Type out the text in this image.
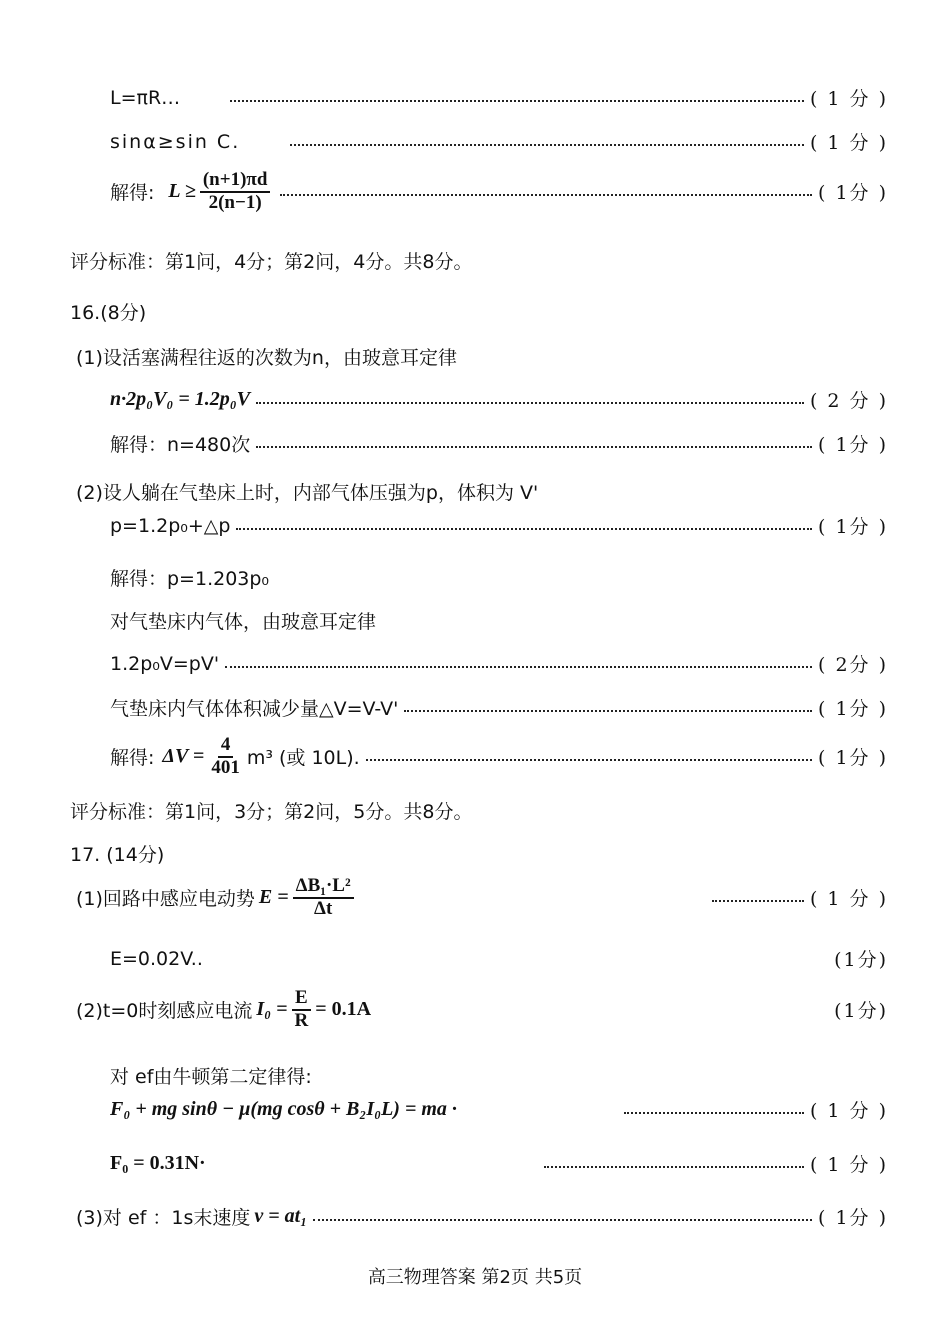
L=πR…	( 1 分 )
sinα≥sin C.	( 1 分 )
解得: $L \ge \frac{(n+1)\pi d}{2(n-1)}$	( 1分 )
评分标准：第1问，4分；第2问，4分。共8分。
16.(8分)
(1)设活塞满程往返的次数为n，由玻意耳定律
n·2p₀V₀ = 1.2p₀V	( 2 分 )
解得：n=480次	( 1分 )
(2)设人躺在气垫床上时，内部气体压强为p，体积为 V'
p=1.2p₀+△p	( 1分 )
解得：p=1.203p₀
对气垫床内气体，由玻意耳定律
1.2p₀V=pV'	( 2分 )
气垫床内气体体积减少量△V=V-V'	( 1分 )
解得: $\Delta V = \frac{4}{401} m^3$ (或 10L).	( 1分 )
评分标准：第1问，3分；第2问，5分。共8分。
17. (14分)
(1)回路中感应电动势 $E = \frac{\text{ΔB₁·L²}}{\Delta t}$	( 1 分 )
E=0.02V..	(1分)
(2)t=0时刻感应电流 $I_0 = \frac{E}{R} = 0.1A$	(1分)
对 ef由牛顿第二定律得:
F₀ + mg sinθ − μ(mg cosθ + B₂I₀L) = ma ·	( 1 分 )
F₀ = 0.31N·	( 1 分 )
(3)对 ef ：1s末速度 v = at₁	( 1分 )
高三物理答案 第2页 共5页
